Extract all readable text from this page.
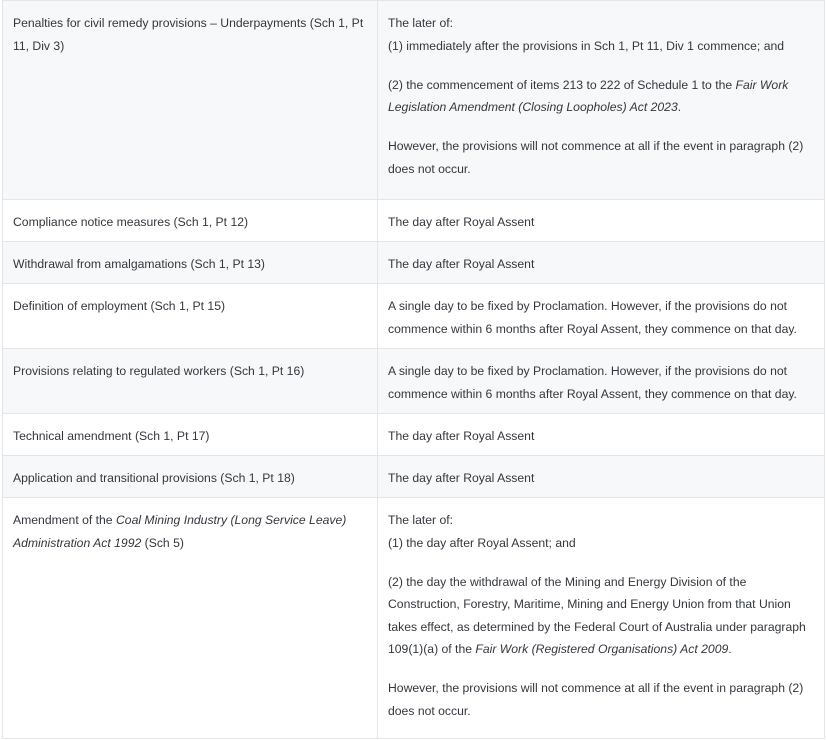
Penalties for civil remedy provisions – Underpayments (Sch 1, Pt 11, Div 3)	The later of:

(1) immediately after the provisions in Sch 1, Pt 11, Div 1 commence; and

(2) the commencement of items 213 to 222 of Schedule 1 to the Fair Work Legislation Amendment (Closing Loopholes) Act 2023.

However, the provisions will not commence at all if the event in paragraph (2) does not occur.

Compliance notice measures (Sch 1, Pt 12)	The day after Royal Assent

Withdrawal from amalgamations (Sch 1, Pt 13)	The day after Royal Assent

Definition of employment (Sch 1, Pt 15)	A single day to be fixed by Proclamation. However, if the provisions do not commence within 6 months after Royal Assent, they commence on that day.

Provisions relating to regulated workers (Sch 1, Pt 16)	A single day to be fixed by Proclamation. However, if the provisions do not commence within 6 months after Royal Assent, they commence on that day.

Technical amendment (Sch 1, Pt 17)	The day after Royal Assent

Application and transitional provisions (Sch 1, Pt 18)	The day after Royal Assent

Amendment of the Coal Mining Industry (Long Service Leave) Administration Act 1992 (Sch 5)	The later of:

(1) the day after Royal Assent; and

(2) the day the withdrawal of the Mining and Energy Division of the Construction, Forestry, Maritime, Mining and Energy Union from that Union takes effect, as determined by the Federal Court of Australia under paragraph 109(1)(a) of the Fair Work (Registered Organisations) Act 2009.

However, the provisions will not commence at all if the event in paragraph (2) does not occur.
